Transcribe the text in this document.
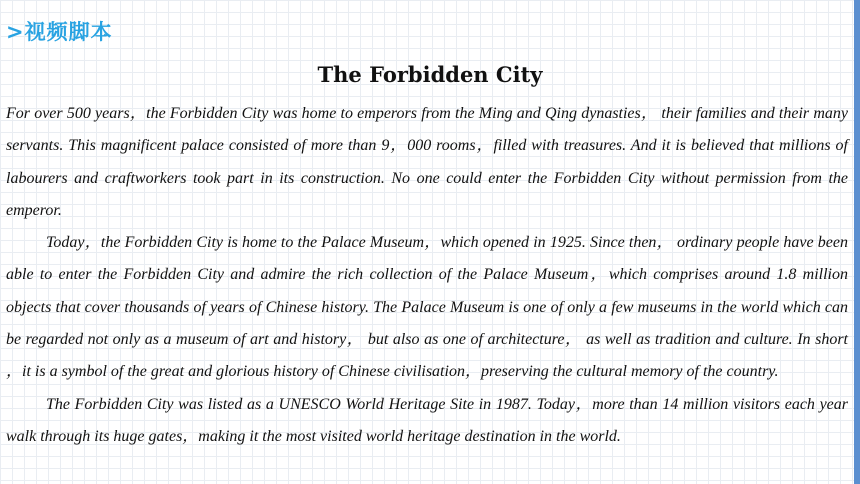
>视频脚本
The Forbidden City

For over 500 years，the Forbidden City was home to emperors from the Ming and Qing dynasties， their families and their many servants. This magnificent palace consisted of more than 9，000 rooms，filled with treasures. And it is believed that millions of labourers and craftworkers took part in its construction. No one could enter the Forbidden City without permission from the emperor.

Today，the Forbidden City is home to the Palace Museum，which opened in 1925. Since then， ordinary people have been able to enter the Forbidden City and admire the rich collection of the Palace Museum，which comprises around 1.8 million objects that cover thousands of years of Chinese history. The Palace Museum is one of only a few museums in the world which can be regarded not only as a museum of art and history， but also as one of architecture， as well as tradition and culture. In short ，it is a symbol of the great and glorious history of Chinese civilisation，preserving the cultural memory of the country.

The Forbidden City was listed as a UNESCO World Heritage Site in 1987. Today，more than 14 million visitors each year walk through its huge gates，making it the most visited world heritage destination in the world.
